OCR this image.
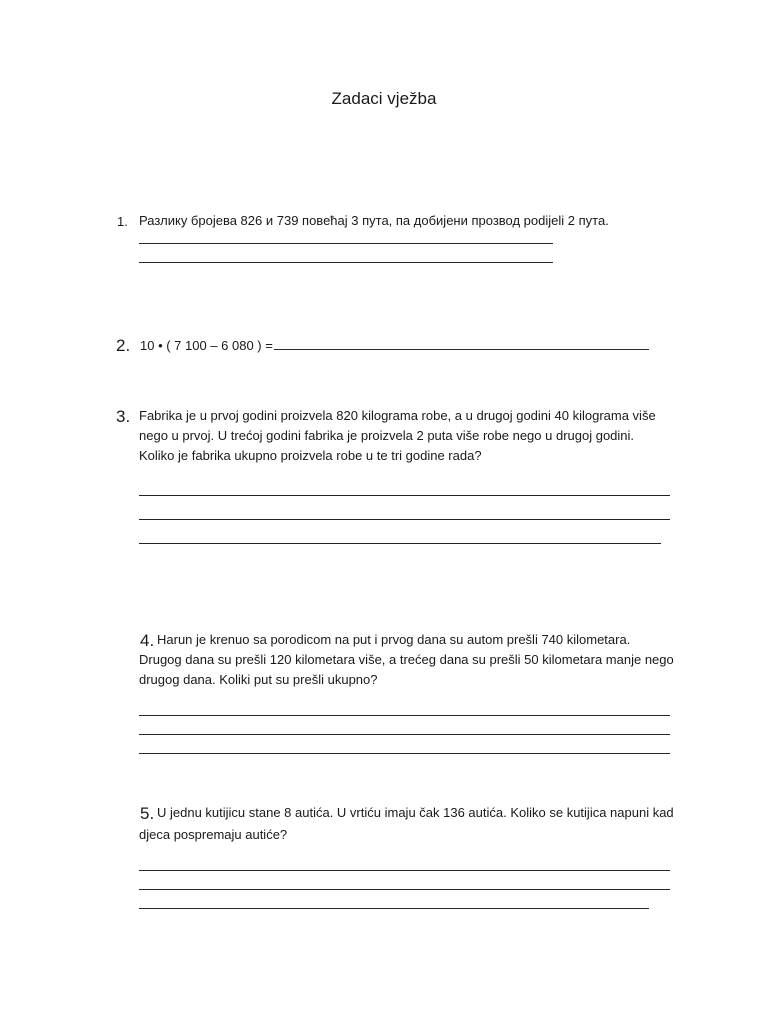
Zadaci vježba
1. Разлику бројева 826 и 739 повећај 3 пута, па добијени прозвод podijeli 2 пута.
2. 10 • ( 7 100 – 6 080 ) =
3. Fabrika je u prvoj godini proizvela 820 kilograma robe, a u drugoj godini 40 kilograma više
nego u prvoj. U trećoj godini fabrika je proizvela 2 puta više robe nego u drugoj godini.
Koliko je fabrika ukupno proizvela robe u te tri godine rada?
4. Harun je krenuo sa porodicom na put i prvog dana su autom prešli 740 kilometara.
Drugog dana su prešli 120 kilometara više, a trećeg dana su prešli 50 kilometara manje nego
drugog dana. Koliki put su prešli ukupno?
5. U jednu kutijicu stane 8 autića. U vrtiću imaju čak 136 autića. Koliko se kutijica napuni kad
djeca pospremaju autiće?
